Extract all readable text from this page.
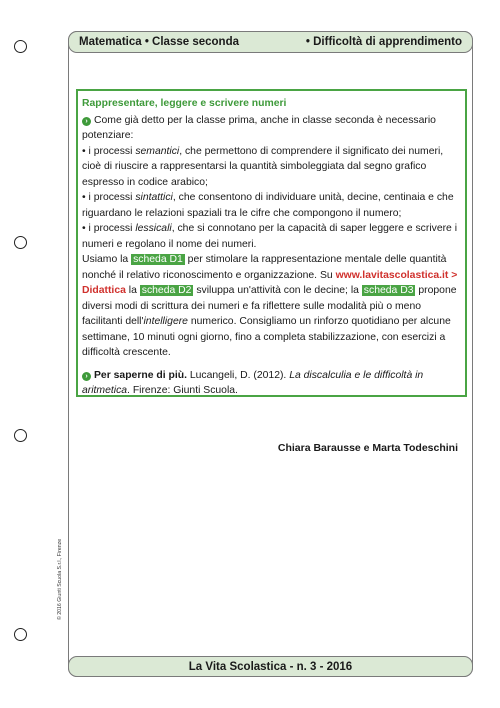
Matematica • Classe seconda	• Difficoltà di apprendimento

Rappresentare, leggere e scrivere numeri

› Come già detto per la classe prima, anche in classe seconda è necessario potenziare:

• i processi semantici, che permettono di comprendere il significato dei numeri, cioè di riuscire a rappresentarsi la quantità simboleggiata dal segno grafico espresso in codice arabico;

• i processi sintattici, che consentono di individuare unità, decine, centinaia e che riguardano le relazioni spaziali tra le cifre che compongono il numero;

• i processi lessicali, che si connotano per la capacità di saper leggere e scrivere i numeri e regolano il nome dei numeri.

Usiamo la scheda D1 per stimolare la rappresentazione mentale delle quantità nonché il relativo riconoscimento e organizzazione. Su www.lavitascolastica.it > Didattica la scheda D2 sviluppa un'attività con le decine; la scheda D3 propone diversi modi di scrittura dei numeri e fa riflettere sulle modalità più o meno facilitanti dell'intelligere numerico. Consigliamo un rinforzo quotidiano per alcune settimane, 10 minuti ogni giorno, fino a completa stabilizzazione, con esercizi a difficoltà crescente.

› Per saperne di più. Lucangeli, D. (2012). La discalculia e le difficoltà in aritmetica. Firenze: Giunti Scuola.

Chiara Barausse e Marta Todeschini
© 2016 Giunti Scuola S.r.l., Firenze
La Vita Scolastica - n. 3 - 2016
